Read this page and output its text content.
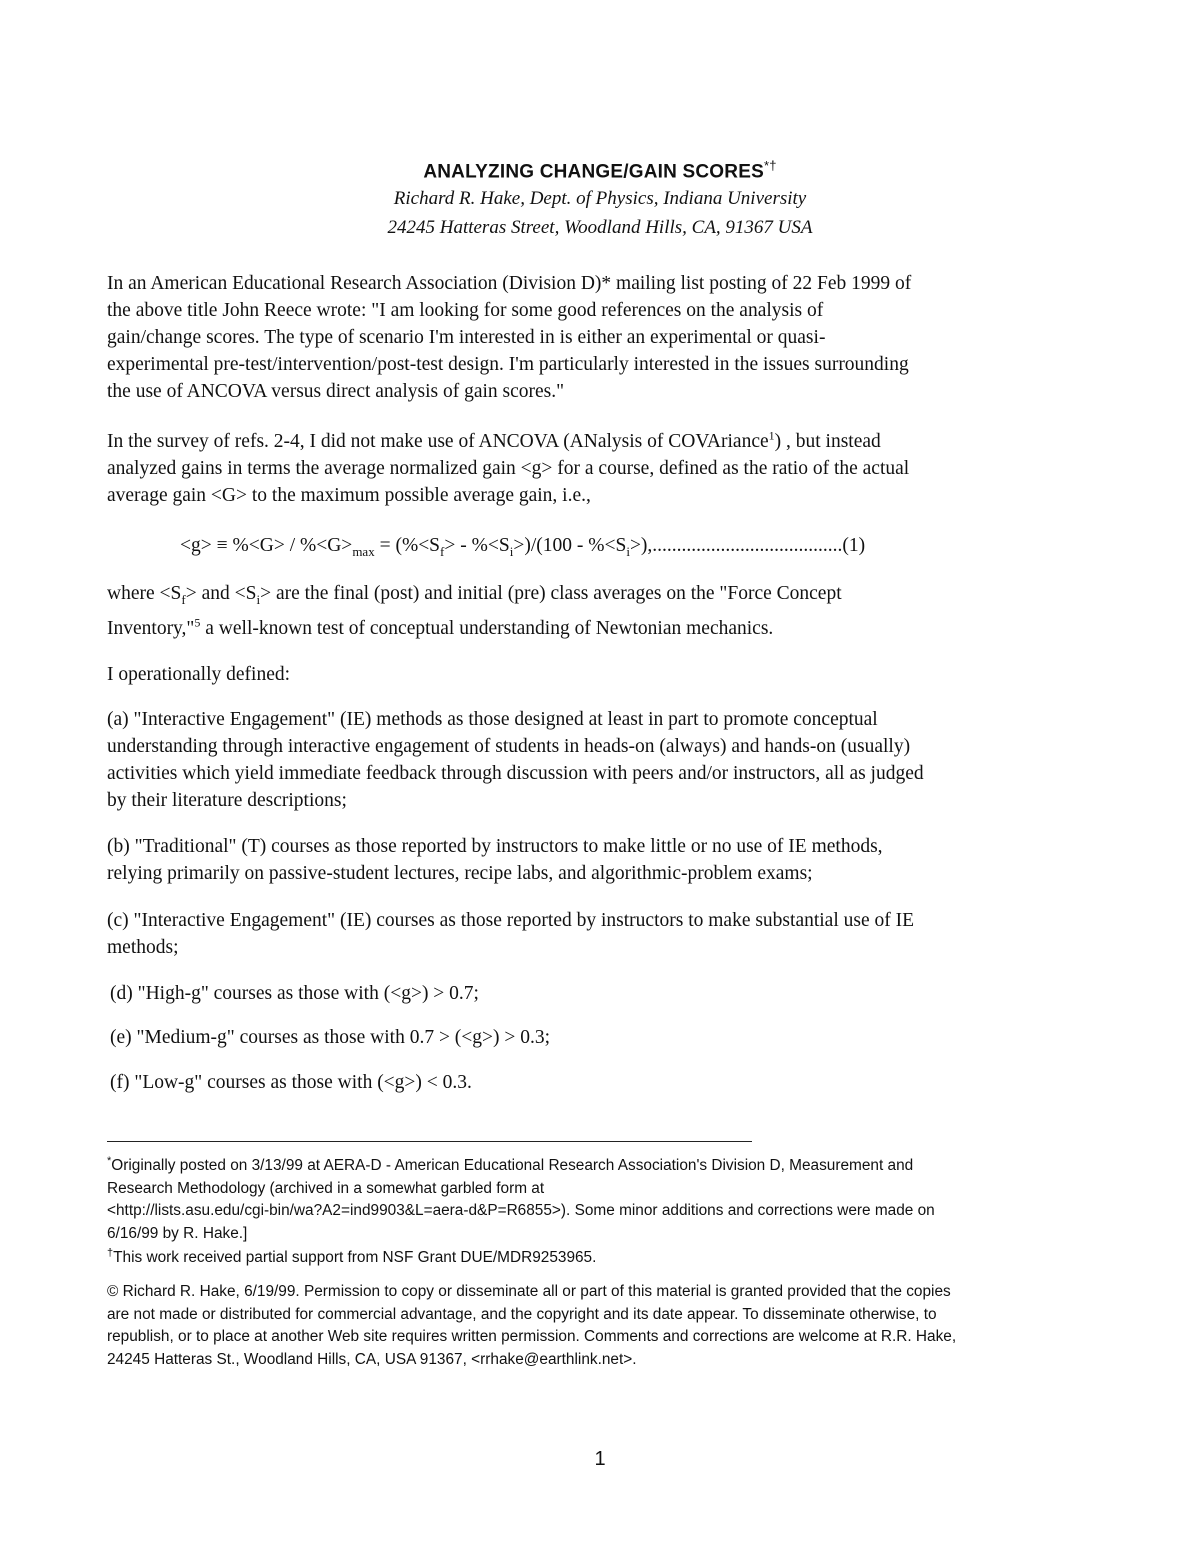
ANALYZING CHANGE/GAIN SCORES*†
Richard R. Hake, Dept. of Physics, Indiana University
24245 Hatteras Street, Woodland Hills, CA, 91367 USA
In an American Educational Research Association (Division D)* mailing list posting of 22 Feb 1999 of
the above title John Reece wrote: "I am looking for some good references on the analysis of
gain/change scores. The type of scenario I'm interested in is either an experimental or quasi-
experimental pre-test/intervention/post-test design. I'm particularly interested in the issues surrounding
the use of ANCOVA versus direct analysis of gain scores."
In the survey of refs. 2-4, I did not make use of ANCOVA (ANalysis of COVAriance$^1$) , but instead
analyzed gains in terms the average normalized gain <g> for a course, defined as the ratio of the actual
average gain <G> to the maximum possible average gain, i.e.,
$<g> \equiv \%<G> / \%<G>_{max} = (\%<S_f> - \%<S_i>)/(100 - \%<S_i>),.......................................(1)$
where $<S_f>$ and $<S_i>$ are the final (post) and initial (pre) class averages on the "Force Concept
Inventory,"$^5$ a well-known test of conceptual understanding of Newtonian mechanics.
I operationally defined:
(a) "Interactive Engagement" (IE) methods as those designed at least in part to promote conceptual
understanding through interactive engagement of students in heads-on (always) and hands-on (usually)
activities which yield immediate feedback through discussion with peers and/or instructors, all as judged
by their literature descriptions;
(b) "Traditional" (T) courses as those reported by instructors to make little or no use of IE methods,
relying primarily on passive-student lectures, recipe labs, and algorithmic-problem exams;
(c) "Interactive Engagement" (IE) courses as those reported by instructors to make substantial use of IE
methods;
(d) "High-g" courses as those with (<g>) > 0.7;
(e) "Medium-g" courses as those with 0.7 > (<g>) > 0.3;
(f) "Low-g" courses as those with (<g>) < 0.3.
*Originally posted on 3/13/99 at AERA-D - American Educational Research Association's Division D, Measurement and
Research Methodology (archived in a somewhat garbled form at
<http://lists.asu.edu/cgi-bin/wa?A2=ind9903&L=aera-d&P=R6855>). Some minor additions and corrections were made on
6/16/99 by R. Hake.]
†This work received partial support from NSF Grant DUE/MDR9253965.
© Richard R. Hake, 6/19/99. Permission to copy or disseminate all or part of this material is granted provided that the copies
are not made or distributed for commercial advantage, and the copyright and its date appear. To disseminate otherwise, to
republish, or to place at another Web site requires written permission. Comments and corrections are welcome at R.R. Hake,
24245 Hatteras St., Woodland Hills, CA, USA 91367, <rrhake@earthlink.net>.
1
